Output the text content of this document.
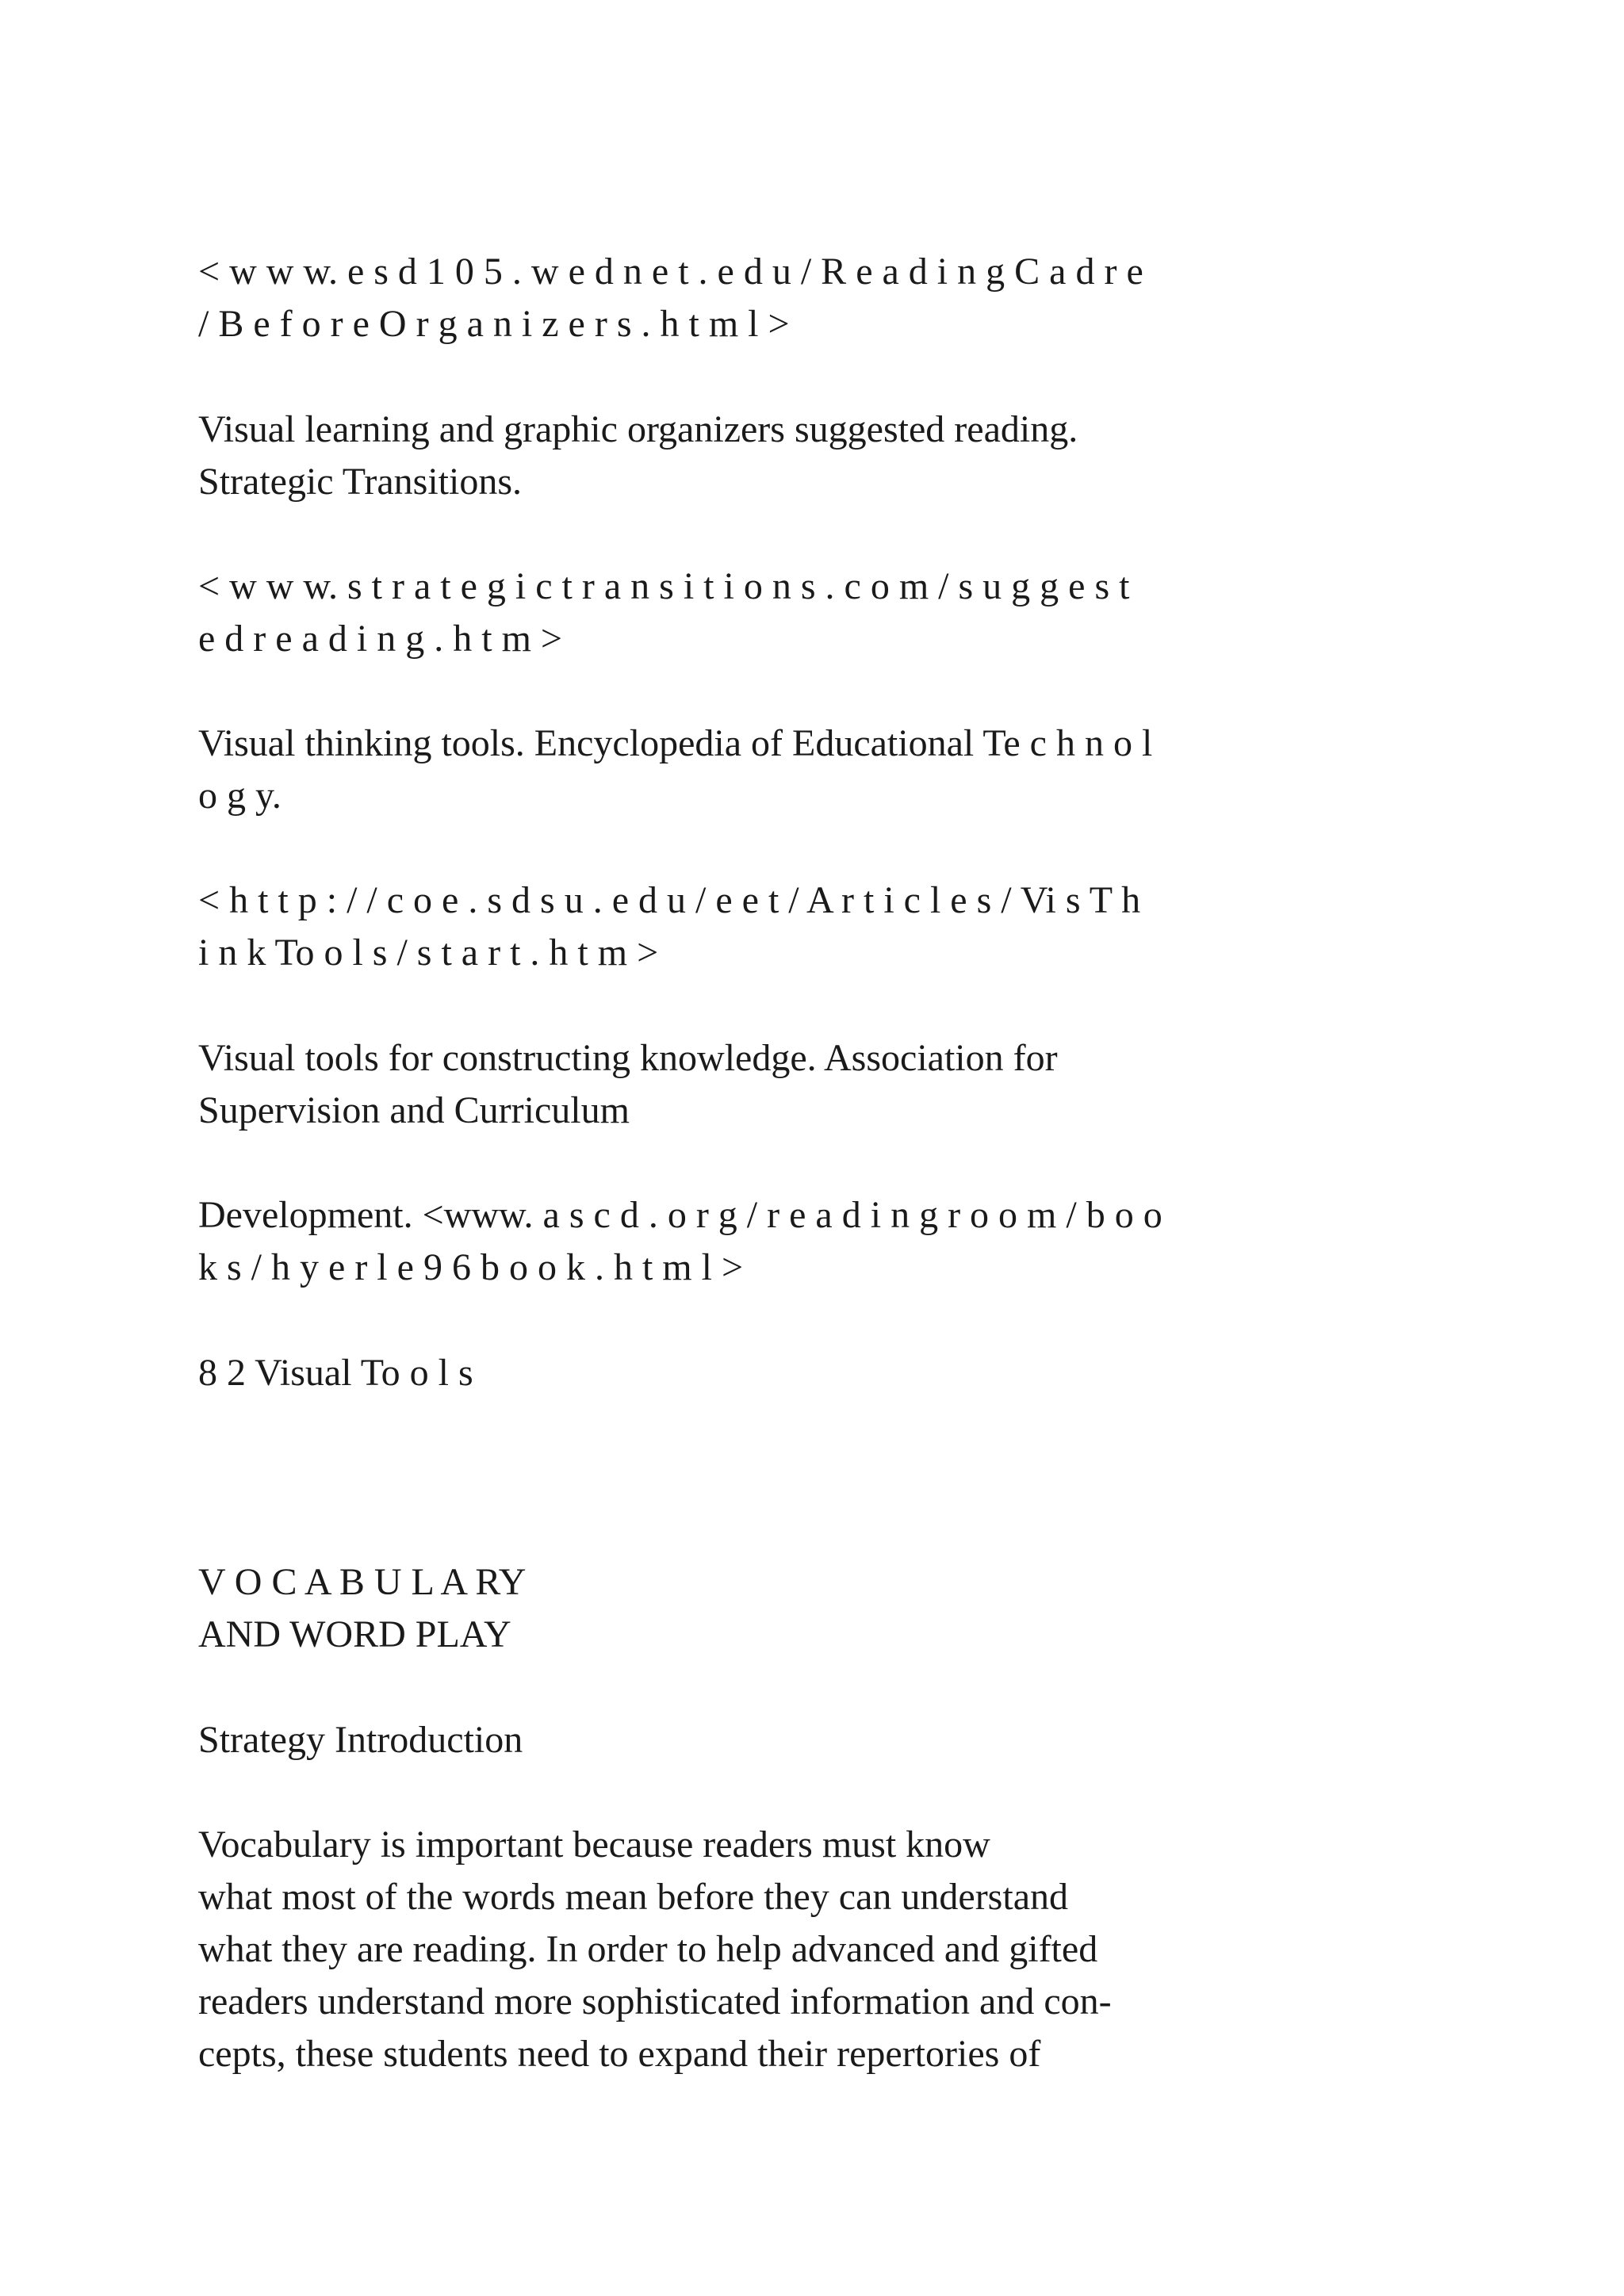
< w w w. e s d 1 0 5 . w e d n e t . e d u / R e a d i n g C a d r e
/ B e f o r e O r g a n i z e r s . h t m l >
Visual learning and graphic organizers suggested reading.
Strategic Transitions.
< w w w. s t r a t e g i c t r a n s i t i o n s . c o m / s u g g e s t
e d r e a d i n g . h t m >
Visual thinking tools. Encyclopedia of Educational Te c h n o l
o g y.
< h t t p : / / c o e . s d s u . e d u / e e t / A r t i c l e s / Vi s T h
i n k To o l s / s t a r t . h t m >
Visual tools for constructing knowledge. Association for
Supervision and Curriculum
Development. <www. a s c d . o r g / r e a d i n g r o o m / b o o
k s / h y e r l e 9 6 b o o k . h t m l >
8 2 Visual To o l s
V O C A B U L A RY
AND WORD PLAY
Strategy Introduction
Vocabulary is important because readers must know
what most of the words mean before they can understand
what they are reading. In order to help advanced and gifted
readers understand more sophisticated information and con-
cepts, these students need to expand their repertories of
